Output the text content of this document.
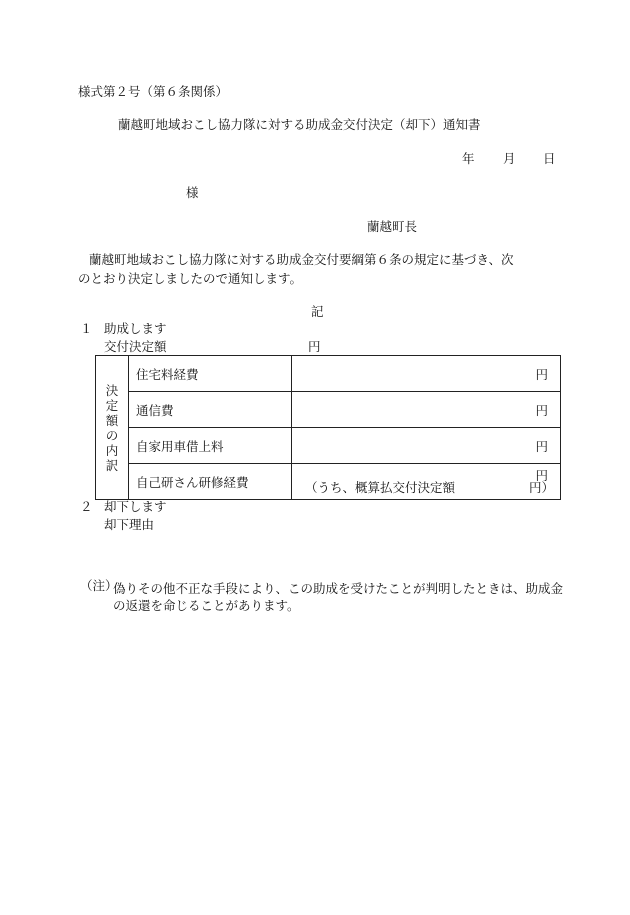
様式第２号（第６条関係）
蘭越町地域おこし協力隊に対する助成金交付決定（却下）通知書
年 月 日
様
蘭越町長
蘭越町地域おこし協力隊に対する助成金交付要綱第６条の規定に基づき、次
のとおり決定しましたので通知します。
記
１ 助成します
交付決定額	円
決定額の内訳	住宅料経費	円

	通信費	円

	自家用車借上料	円

	自己研さん研修経費	円
（うち、概算払交付決定額 円）
２ 却下します
却下理由
（注）
偽りその他不正な手段により、この助成を受けたことが判明したときは、助成金の返還を命じることがあります。
